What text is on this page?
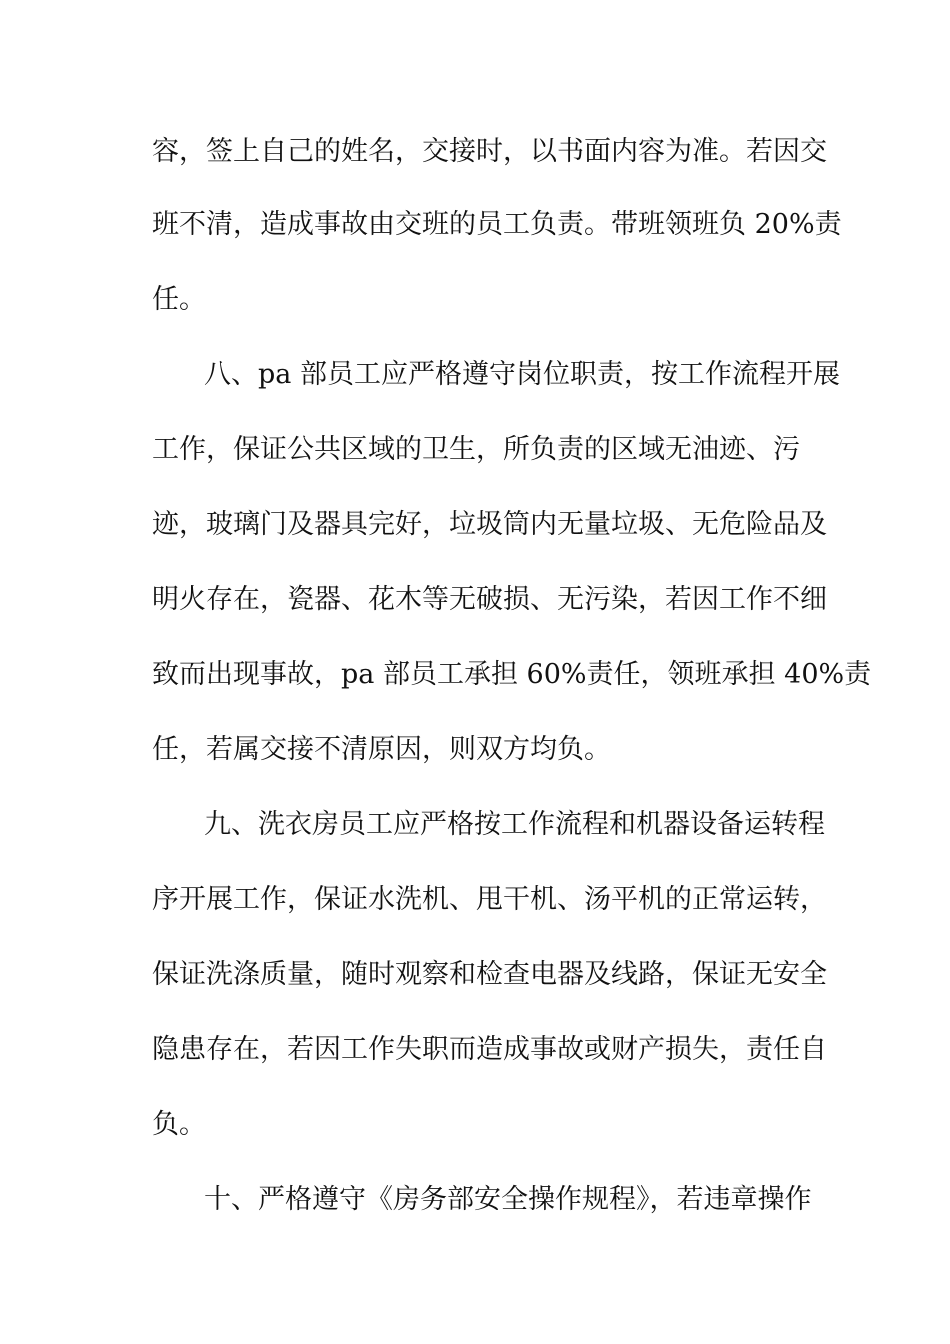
容，签上自己的姓名，交接时，以书面内容为准。若因交
班不清，造成事故由交班的员工负责。带班领班负 20%责
任。
八、pa 部员工应严格遵守岗位职责，按工作流程开展
工作，保证公共区域的卫生，所负责的区域无油迹、污
迹，玻璃门及器具完好，垃圾筒内无量垃圾、无危险品及
明火存在，瓷器、花木等无破损、无污染，若因工作不细
致而出现事故，pa 部员工承担 60%责任，领班承担 40%责
任，若属交接不清原因，则双方均负。
九、洗衣房员工应严格按工作流程和机器设备运转程
序开展工作，保证水洗机、甩干机、汤平机的正常运转，
保证洗涤质量，随时观察和检查电器及线路，保证无安全
隐患存在，若因工作失职而造成事故或财产损失，责任自
负。
十、严格遵守《房务部安全操作规程》，若违章操作
